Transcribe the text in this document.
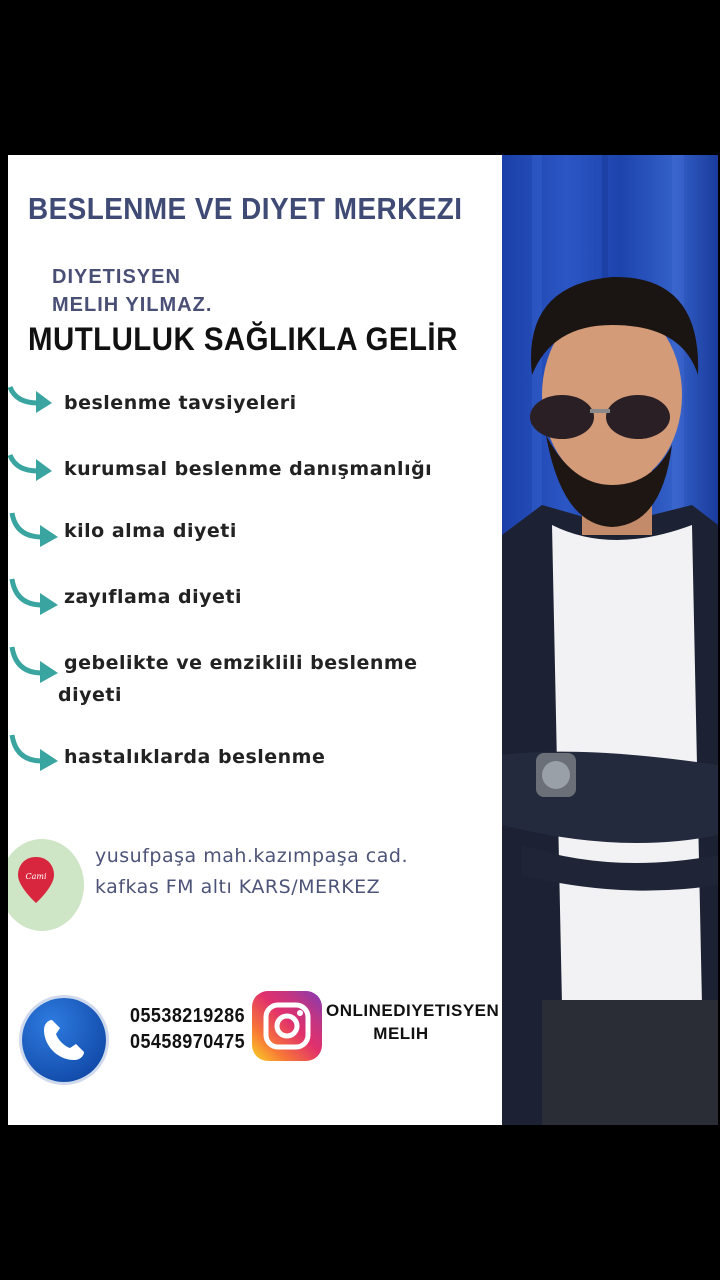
BESLENME VE DIYET MERKEZI
DIYETISYEN
MELIH YILMAZ.
MUTLULUK SAĞLIKLA GELİR
beslenme tavsiyeleri
kurumsal beslenme danışmanlığı
kilo alma diyeti
zayıflama diyeti
gebelikte ve emzikli̇li̇ beslenme diyeti
hastalıklarda beslenme
Cami
yusufpaşa mah.kazımpaşa cad.
kafkas FM altı KARS/MERKEZ
05538219286
05458970475
ONLINEDIYETISYEN
MELIH
